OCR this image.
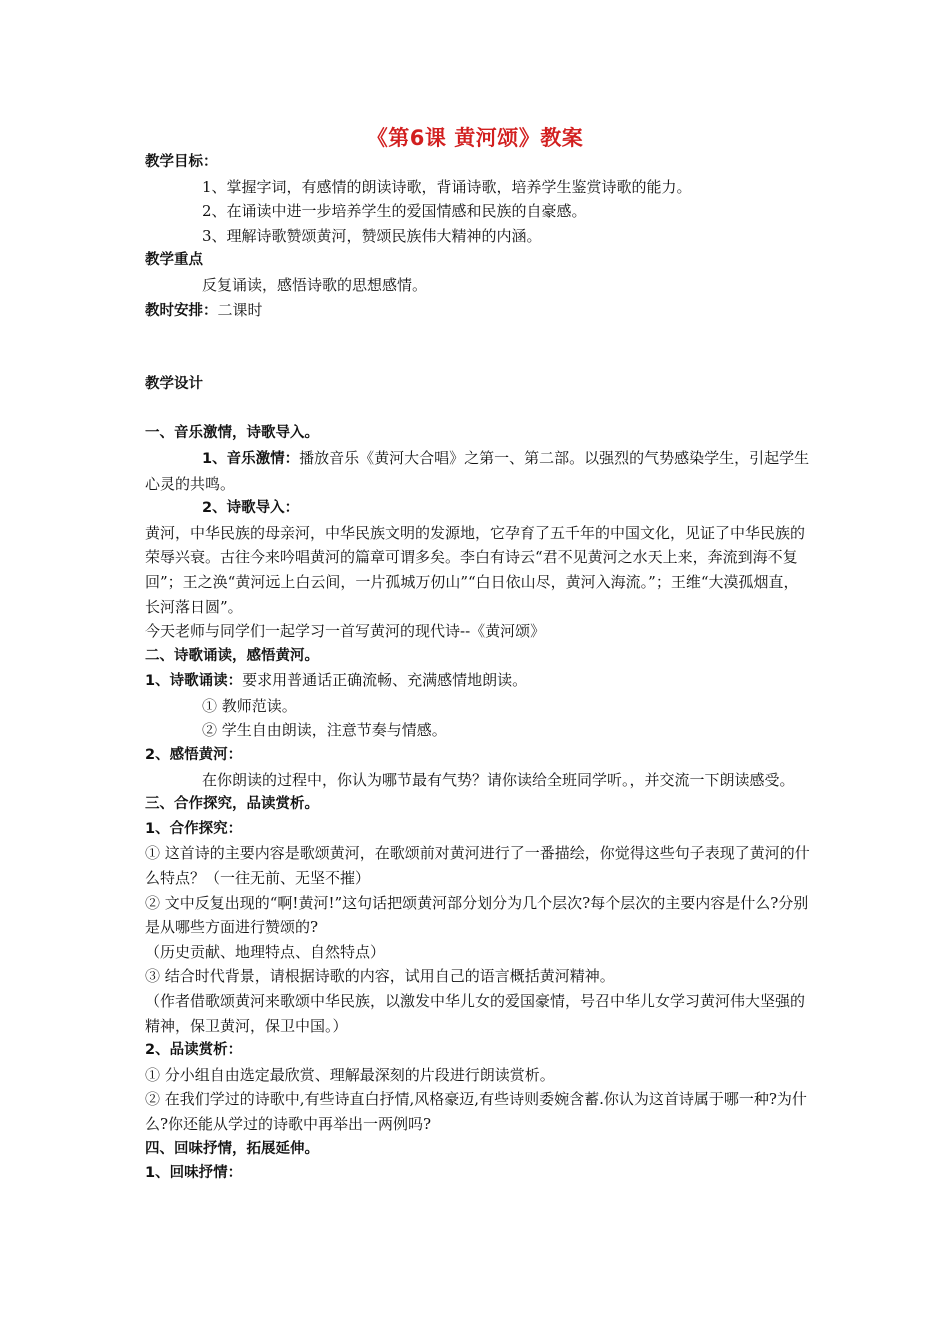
《第6课 黄河颂》教案

教学目标：

1、掌握字词，有感情的朗读诗歌，背诵诗歌，培养学生鉴赏诗歌的能力。

2、在诵读中进一步培养学生的爱国情感和民族的自豪感。

3、理解诗歌赞颂黄河，赞颂民族伟大精神的内涵。

教学重点

反复诵读，感悟诗歌的思想感情。

教时安排：二课时

教学设计

一、音乐激情，诗歌导入。

1、音乐激情：播放音乐《黄河大合唱》之第一、第二部。以强烈的气势感染学生，引起学生心灵的共鸣。

2、诗歌导入：

黄河，中华民族的母亲河，中华民族文明的发源地，它孕育了五千年的中国文化，见证了中华民族的荣辱兴衰。古往今来吟唱黄河的篇章可谓多矣。李白有诗云“君不见黄河之水天上来，奔流到海不复回”；王之涣“黄河远上白云间，一片孤城万仞山”“白日依山尽，黄河入海流。”；王维“大漠孤烟直，长河落日圆”。

今天老师与同学们一起学习一首写黄河的现代诗--《黄河颂》

二、诗歌诵读，感悟黄河。

1、诗歌诵读：要求用普通话正确流畅、充满感情地朗读。

① 教师范读。

② 学生自由朗读，注意节奏与情感。

2、感悟黄河：

在你朗读的过程中，你认为哪节最有气势？请你读给全班同学听。，并交流一下朗读感受。

三、合作探究，品读赏析。

1、合作探究：

① 这首诗的主要内容是歌颂黄河，在歌颂前对黄河进行了一番描绘，你觉得这些句子表现了黄河的什么特点？（一往无前、无坚不摧）

② 文中反复出现的“啊!黄河!”这句话把颂黄河部分划分为几个层次?每个层次的主要内容是什么?分别是从哪些方面进行赞颂的?

（历史贡献、地理特点、自然特点）

③ 结合时代背景，请根据诗歌的内容，试用自己的语言概括黄河精神。

（作者借歌颂黄河来歌颂中华民族，以激发中华儿女的爱国豪情，号召中华儿女学习黄河伟大坚强的精神，保卫黄河，保卫中国。）

2、品读赏析：

① 分小组自由选定最欣赏、理解最深刻的片段进行朗读赏析。

② 在我们学过的诗歌中,有些诗直白抒情,风格豪迈,有些诗则委婉含蓄.你认为这首诗属于哪一种?为什么?你还能从学过的诗歌中再举出一两例吗?

四、回味抒情，拓展延伸。

1、回味抒情：
